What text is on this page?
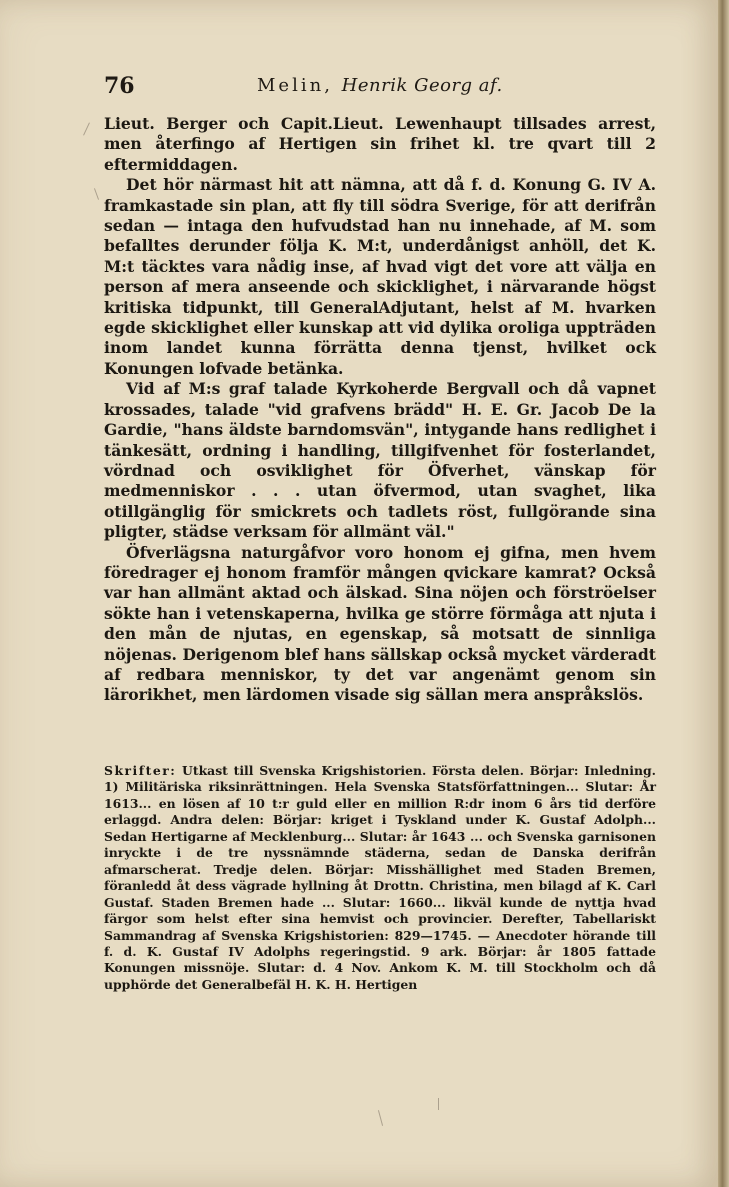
76	Melin, Henrik Georg af.

Lieut. Berger och Capit.Lieut. Lewenhaupt tillsades arrest, men återfingo af Hertigen sin frihet kl. tre qvart till 2 eftermiddagen.

Det hör närmast hit att nämna, att då f. d. Konung G. IV A. framkastade sin plan, att fly till södra Sverige, för att derifrån sedan — intaga den hufvudstad han nu innehade, af M. som befalltes derunder följa K. M:t, underdånigst anhöll, det K. M:t täcktes vara nådig inse, af hvad vigt det vore att välja en person af mera anseende och skicklighet, i närvarande högst kritiska tidpunkt, till GeneralAdjutant, helst af M. hvarken egde skicklighet eller kunskap att vid dylika oroliga uppträden inom landet kunna förrätta denna tjenst, hvilket ock Konungen lofvade betänka.

Vid af M:s graf talade Kyrkoherde Bergvall och då vapnet krossades, talade "vid grafvens brädd" H. E. Gr. Jacob De la Gardie, "hans äldste barndomsvän", intygande hans redlighet i tänkesätt, ordning i handling, tillgifvenhet för fosterlandet, vördnad och osviklighet för Öfverhet, vänskap för medmenniskor . . . utan öfvermod, utan svaghet, lika otillgänglig för smickrets och tadlets röst, fullgörande sina pligter, städse verksam för allmänt väl."

Öfverlägsna naturgåfvor voro honom ej gifna, men hvem föredrager ej honom framför mången qvickare kamrat? Också var han allmänt aktad och älskad. Sina nöjen och förströelser sökte han i vetenskaperna, hvilka ge större förmåga att njuta i den mån de njutas, en egenskap, så motsatt de sinnliga nöjenas. Derigenom blef hans sällskap också mycket värderadt af redbara menniskor, ty det var angenämt genom sin lärorikhet, men lärdomen visade sig sällan mera anspråkslös.

Skrifter: Utkast till Svenska Krigshistorien. Första delen. Börjar: Inledning. 1) Militäriska riksinrättningen. Hela Svenska Statsförfattningen... Slutar: År 1613... en lösen af 10 t:r guld eller en million R:dr inom 6 års tid derföre erlaggd. Andra delen: Börjar: kriget i Tyskland under K. Gustaf Adolph... Sedan Hertigarne af Mecklenburg... Slutar: år 1643 ... och Svenska garnisonen inryckte i de tre nyssnämnde städerna, sedan de Danska derifrån afmarscherat. Tredje delen. Börjar: Misshällighet med Staden Bremen, föranledd åt dess vägrade hyllning åt Drottn. Christina, men bilagd af K. Carl Gustaf. Staden Bremen hade ... Slutar: 1660... likväl kunde de nyttja hvad färgor som helst efter sina hemvist och provincier. Derefter, Tabellariskt Sammandrag af Svenska Krigshistorien: 829—1745. — Anecdoter hörande till f. d. K. Gustaf IV Adolphs regeringstid. 9 ark. Börjar: år 1805 fattade Konungen missnöje. Slutar: d. 4 Nov. Ankom K. M. till Stockholm och då upphörde det Generalbefäl H. K. H. Hertigen
